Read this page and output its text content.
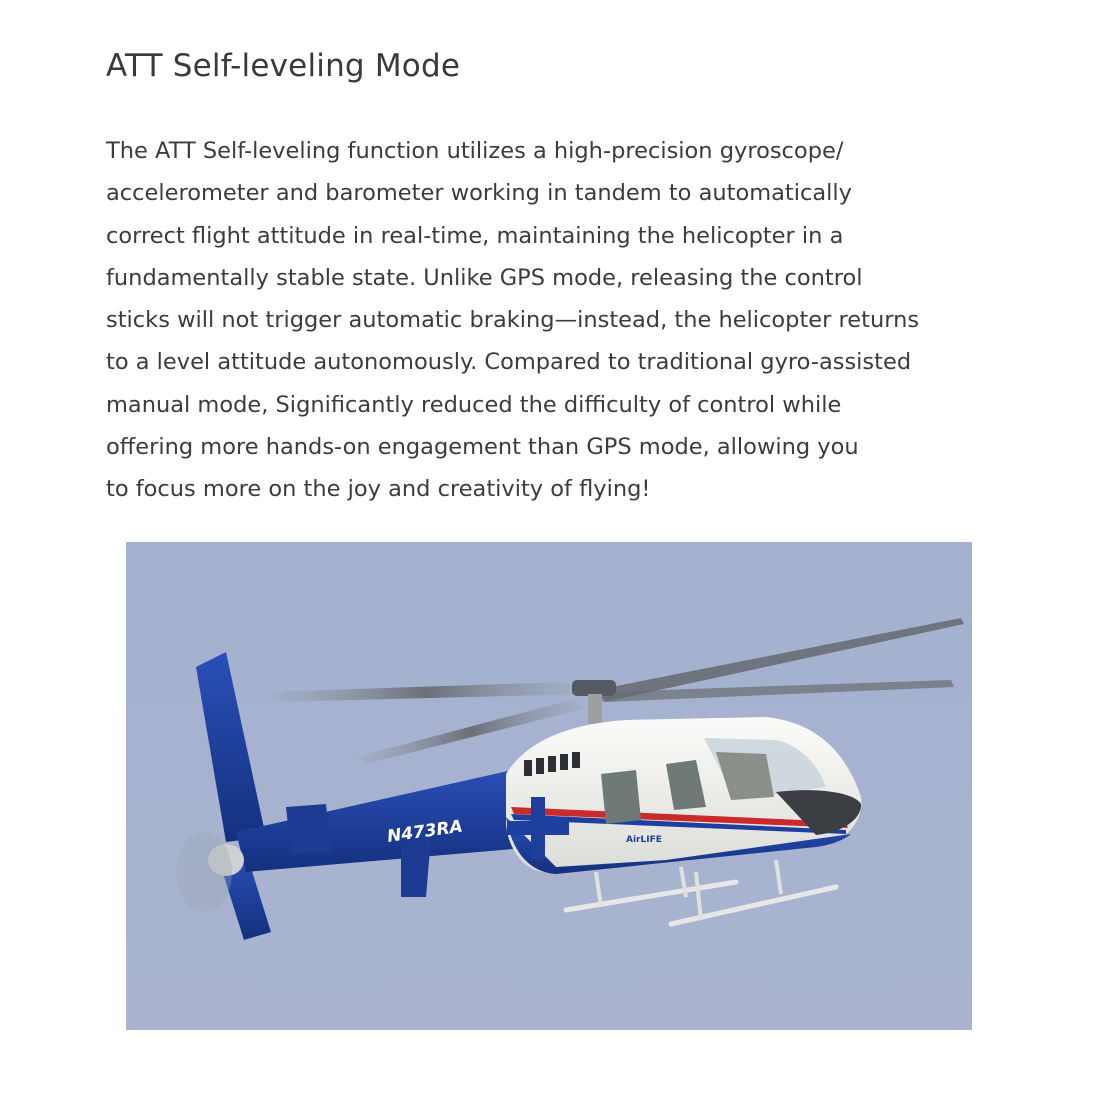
ATT Self-leveling Mode
The ATT Self-leveling function utilizes a high-precision gyroscope/
accelerometer and barometer working in tandem to automatically
correct flight attitude in real-time, maintaining the helicopter in a
fundamentally stable state. Unlike GPS mode, releasing the control
sticks will not trigger automatic braking—instead, the helicopter returns
to a level attitude autonomously. Compared to traditional gyro-assisted
manual mode, Significantly reduced the difficulty of control while
offering more hands-on engagement than GPS mode, allowing you
to focus more on the joy and creativity of flying!
N473RA	AirLIFE
